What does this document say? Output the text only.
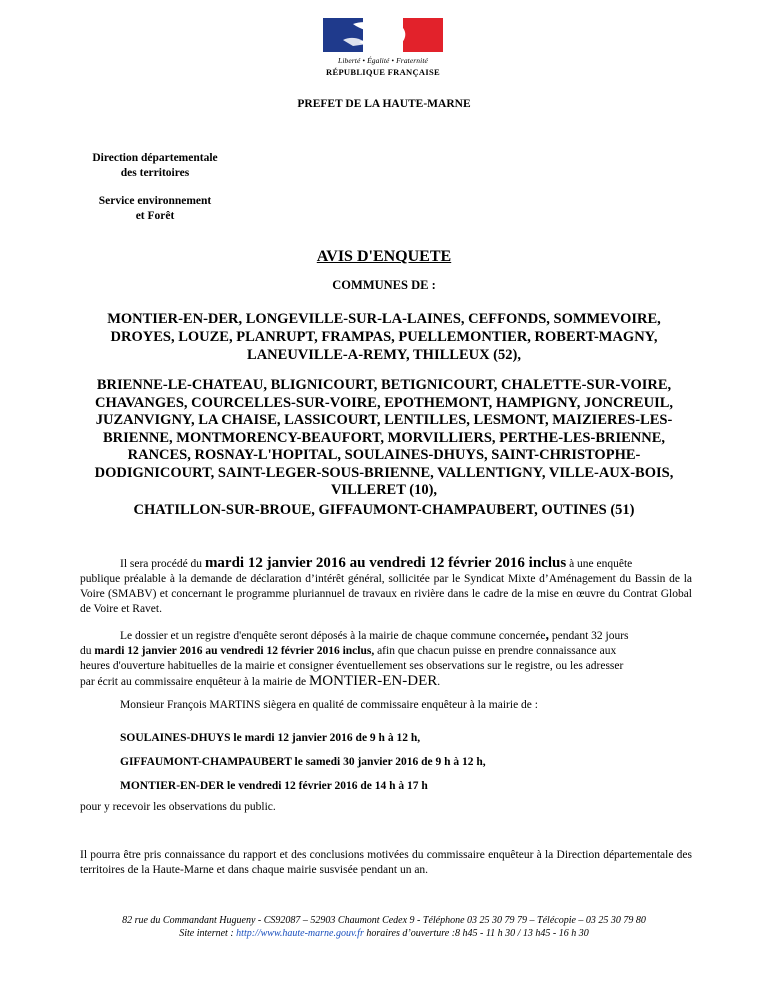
Liberté • Égalité • Fraternité
RÉPUBLIQUE FRANÇAISE
PREFET DE LA HAUTE-MARNE
Direction départementale
des territoires
Service environnement
et Forêt
AVIS D'ENQUETE
COMMUNES DE :
MONTIER-EN-DER, LONGEVILLE-SUR-LA-LAINES, CEFFONDS, SOMMEVOIRE,
DROYES, LOUZE, PLANRUPT, FRAMPAS, PUELLEMONTIER, ROBERT-MAGNY,
LANEUVILLE-A-REMY, THILLEUX (52),
BRIENNE-LE-CHATEAU, BLIGNICOURT, BETIGNICOURT, CHALETTE-SUR-VOIRE,
CHAVANGES, COURCELLES-SUR-VOIRE, EPOTHEMONT, HAMPIGNY, JONCREUIL,
JUZANVIGNY, LA CHAISE, LASSICOURT, LENTILLES, LESMONT, MAIZIERES-LES-
BRIENNE, MONTMORENCY-BEAUFORT, MORVILLIERS, PERTHE-LES-BRIENNE,
RANCES, ROSNAY-L'HOPITAL, SOULAINES-DHUYS, SAINT-CHRISTOPHE-
DODIGNICOURT, SAINT-LEGER-SOUS-BRIENNE, VALLENTIGNY, VILLE-AUX-BOIS,
VILLERET (10),
CHATILLON-SUR-BROUE, GIFFAUMONT-CHAMPAUBERT, OUTINES (51)
Il sera procédé du mardi 12 janvier 2016 au vendredi 12 février 2016 inclus à une enquête
publique préalable à la demande de déclaration d’intérêt général, sollicitée par le Syndicat Mixte d’Aménagement du Bassin de la Voire (SMABV) et concernant le programme pluriannuel de travaux en rivière dans le cadre de la mise en œuvre du Contrat Global de Voire et Ravet.
Le dossier et un registre d'enquête seront déposés à la mairie de chaque commune concernée, pendant 32 jours
du mardi 12 janvier 2016 au vendredi 12 février 2016 inclus, afin que chacun puisse en prendre connaissance aux
heures d'ouverture habituelles de la mairie et consigner éventuellement ses observations sur le registre, ou les adresser
par écrit au commissaire enquêteur à la mairie de MONTIER-EN-DER.
Monsieur François MARTINS siègera en qualité de commissaire enquêteur à la mairie de :
SOULAINES-DHUYS le mardi 12 janvier 2016 de 9 h à 12 h,
GIFFAUMONT-CHAMPAUBERT le samedi 30 janvier 2016 de 9 h à 12 h,
MONTIER-EN-DER le vendredi 12 février 2016 de 14 h à 17 h
pour y recevoir les observations du public.
Il pourra être pris connaissance du rapport et des conclusions motivées du commissaire enquêteur à la Direction départementale des territoires de la Haute-Marne et dans chaque mairie susvisée pendant un an.
82 rue du Commandant Hugueny - CS92087 – 52903 Chaumont Cedex 9 - Téléphone 03 25 30 79 79 – Télécopie – 03 25 30 79 80
Site internet : http://www.haute-marne.gouv.fr horaires d’ouverture :8 h45 - 11 h 30 / 13 h45 - 16 h 30
